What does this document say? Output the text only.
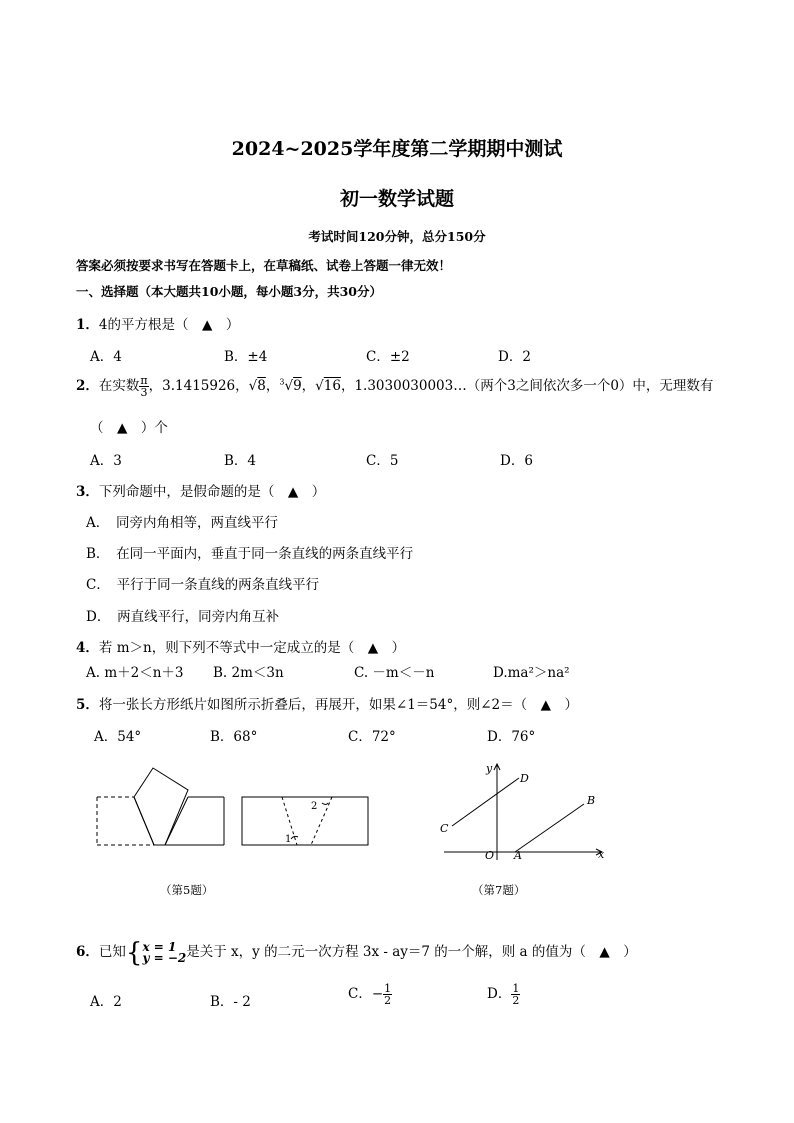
2024~2025学年度第二学期期中测试
初一数学试题
考试时间120分钟，总分150分
答案必须按要求书写在答题卡上，在草稿纸、试卷上答题一律无效！
一、选择题（本大题共10小题，每小题3分，共30分）
1．4的平方根是（　▲　）
A．4	B．±4	C．±2	D．2
2．在实数 $\frac{\pi}{3}$ ，3.1415926，√8，$^3$√9，√16，1.3030030003…（两个3之间依次多一个0）中，无理数有
（　▲　）个
A．3	B．4	C．5	D．6
3．下列命题中，是假命题的是（　▲　）
A．　同旁内角相等，两直线平行
B．　在同一平面内，垂直于同一条直线的两条直线平行
C．　平行于同一条直线的两条直线平行
D．　两直线平行，同旁内角互补
4．若 m＞n，则下列不等式中一定成立的是（　▲　）
A. m＋2＜n＋3 B. 2m＜3n	C. －m＜－n	D.ma²＞na²
5．将一张长方形纸片如图所示折叠后，再展开，如果∠1＝54°，则∠2＝（　▲　）
A．54°	B．68°	C．72°	D．76°
1
2
y
x
D
B
C
O A
（第5题）	（第7题）
6．已知{ x = 1
y = −2 是关于 x，y 的二元一次方程 3x - ay＝7 的一个解，则 a 的值为（　▲　）
A．2	B．- 2	C．− $\frac{1}{2}$	D． $\frac{1}{2}$
